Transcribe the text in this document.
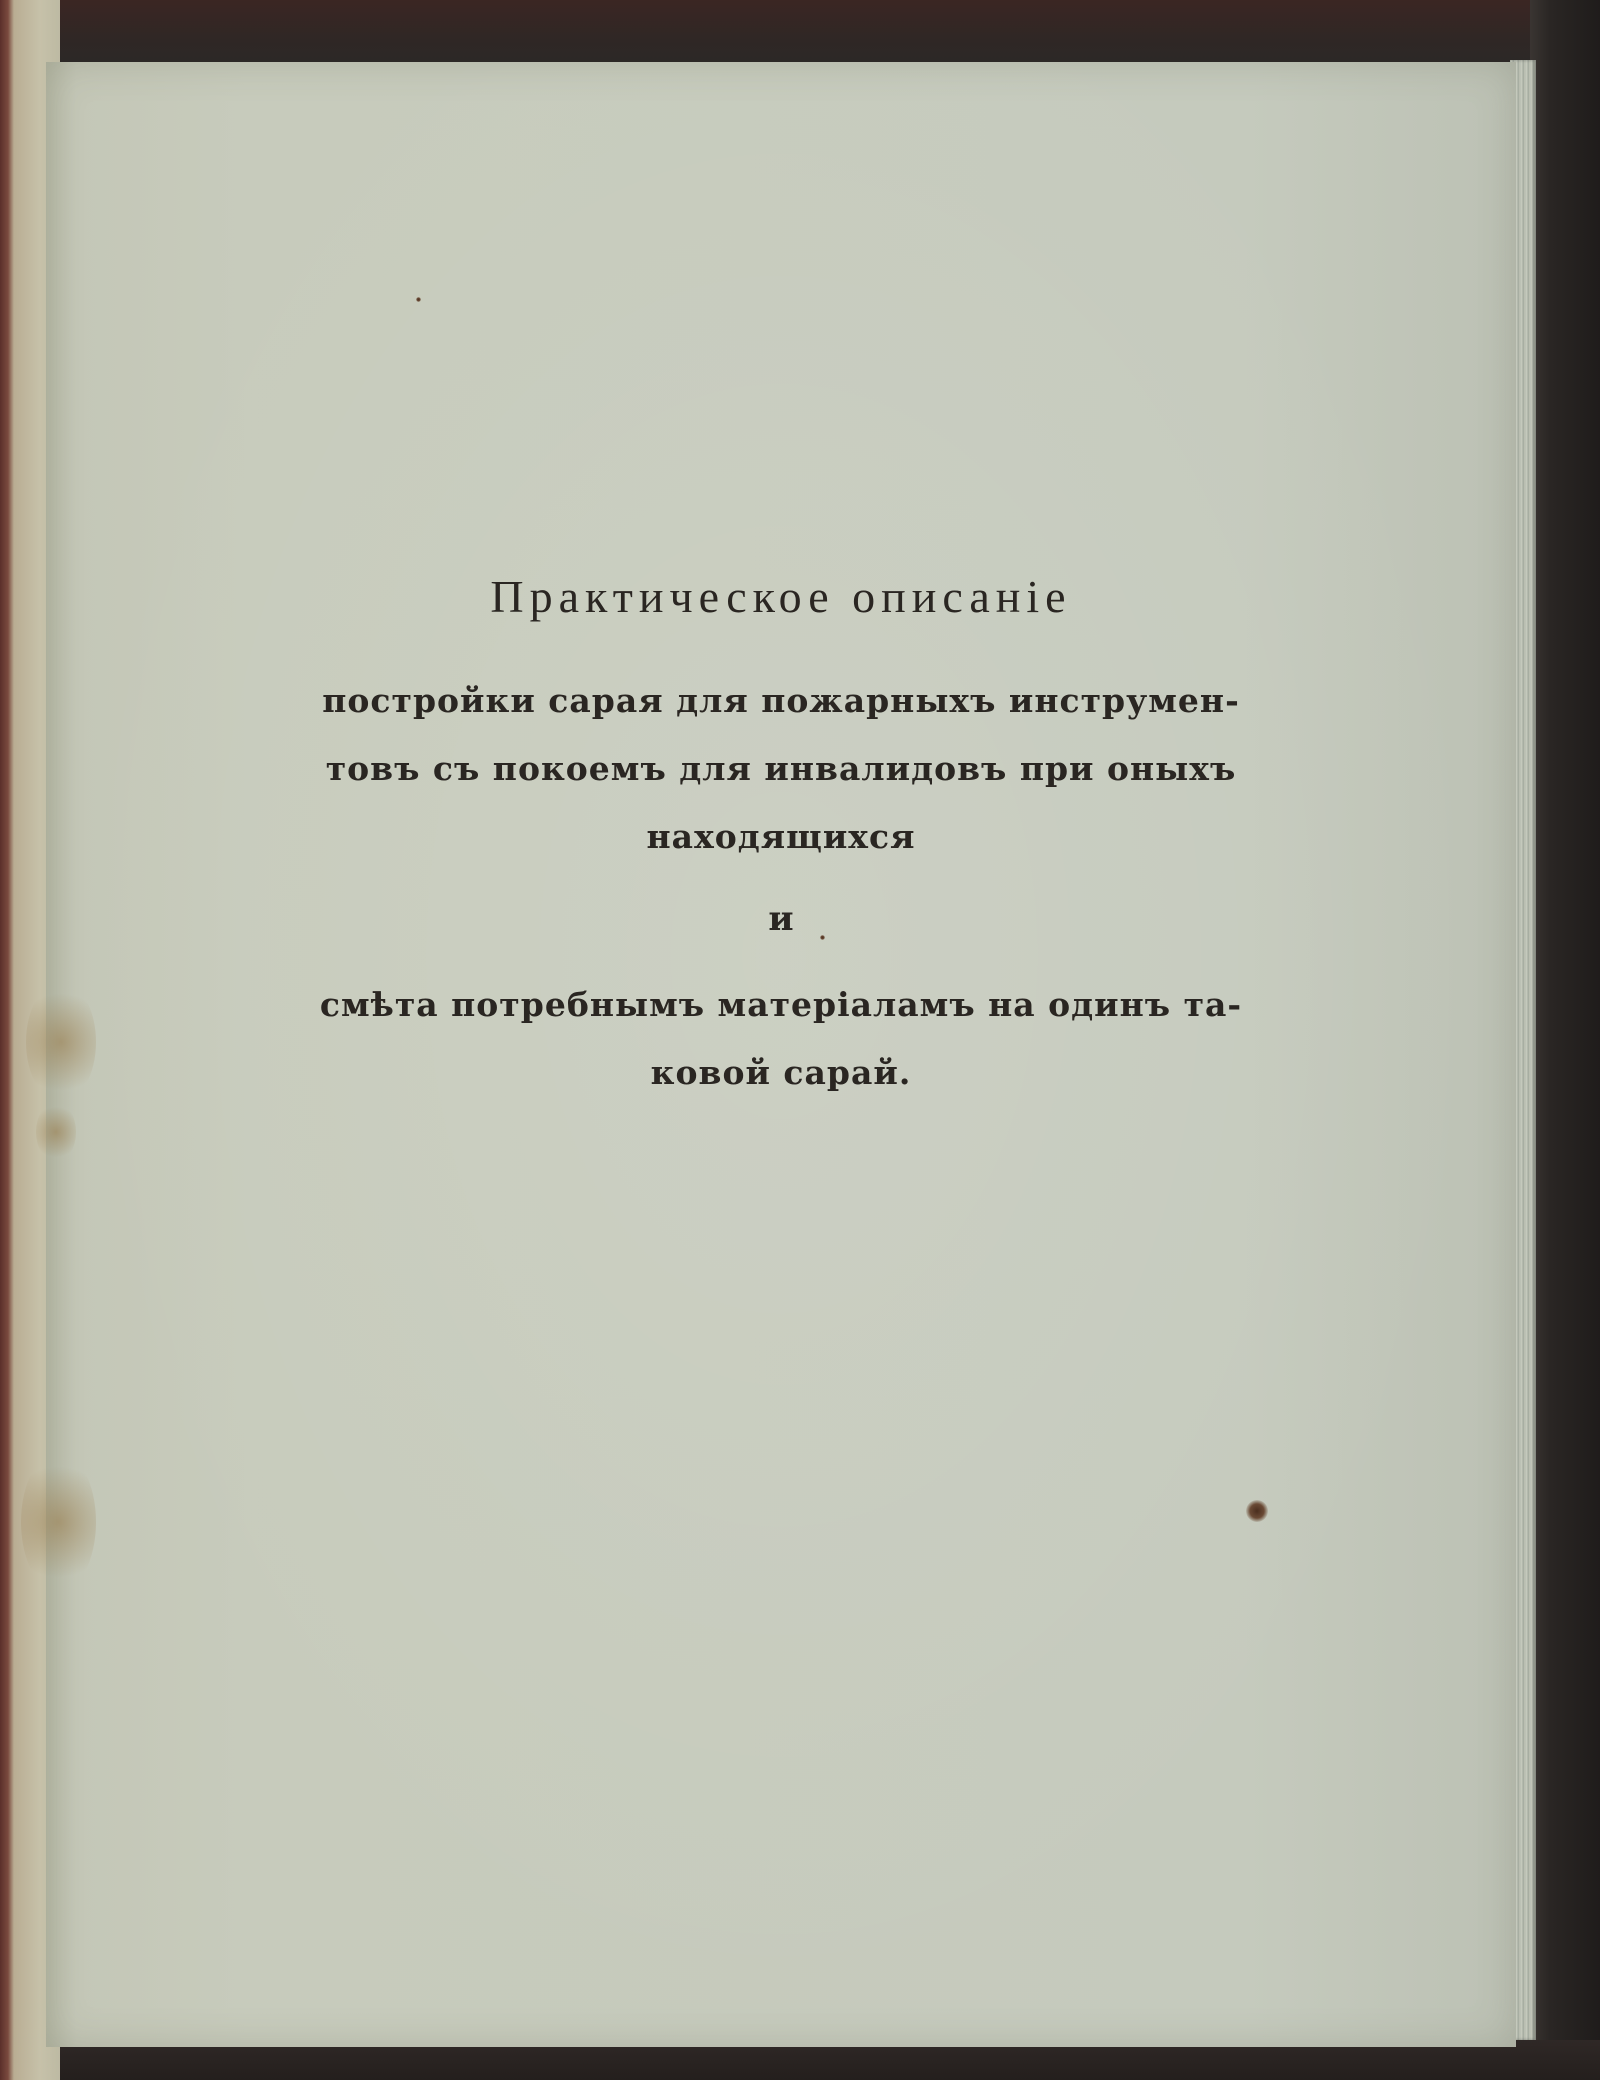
Практическое описаніе
постройки сарая для пожарныхъ инструмен-
товъ съ покоемъ для инвалидовъ при оныхъ
находящихся
и
смѣта потребнымъ матеріаламъ на одинъ та-
ковой сарай.
